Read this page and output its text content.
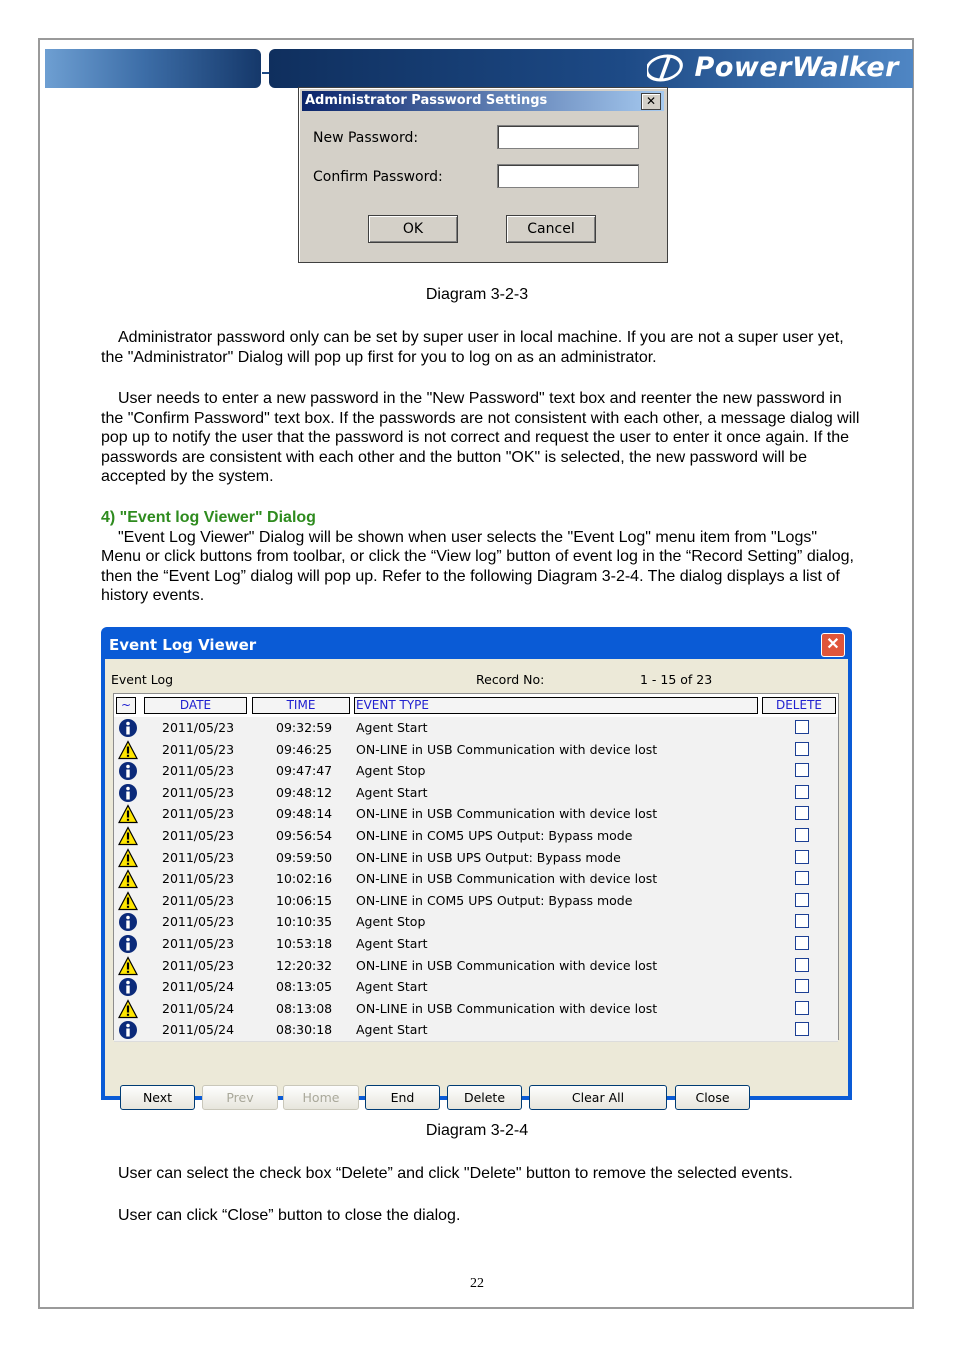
PowerWalker
Administrator Password Settings	✕
New Password:
Confirm Password:
OK	Cancel
Diagram 3-2-3

Administrator password only can be set by super user in local machine. If you are not a super user yet, the "Administrator" Dialog will pop up first for you to log on as an administrator.

User needs to enter a new password in the "New Password" text box and reenter the new password in the "Confirm Password" text box. If the passwords are not consistent with each other, a message dialog will pop up to notify the user that the password is not correct and request the user to enter it once again. If the passwords are consistent with each other and the button "OK" is selected, the new password will be accepted by the system.

4) "Event log Viewer" Dialog

"Event Log Viewer" Dialog will be shown when user selects the "Event Log" menu item from "Logs" Menu or click buttons from toolbar, or click the “View log” button of event log in the “Record Setting” dialog, then the “Event Log” dialog will pop up. Refer to the following Diagram 3-2-4. The dialog displays a list of history events.

Event Log Viewer	✕
Event Log	Record No:	1 - 15 of 23
~	DATE	TIME	EVENT TYPE	DELETE
2011/05/23	09:32:59 Agent Start
2011/05/23	09:46:25 ON-LINE in USB Communication with device lost
2011/05/23	09:47:47 Agent Stop
2011/05/23	09:48:12 Agent Start
2011/05/23	09:48:14 ON-LINE in USB Communication with device lost
2011/05/23	09:56:54 ON-LINE in COM5 UPS Output: Bypass mode
2011/05/23	09:59:50 ON-LINE in USB UPS Output: Bypass mode
2011/05/23	10:02:16 ON-LINE in USB Communication with device lost
2011/05/23	10:06:15 ON-LINE in COM5 UPS Output: Bypass mode
2011/05/23	10:10:35 Agent Stop
2011/05/23	10:53:18 Agent Start
2011/05/23	12:20:32 ON-LINE in USB Communication with device lost
2011/05/24	08:13:05 Agent Start
2011/05/24	08:13:08 ON-LINE in USB Communication with device lost
2011/05/24	08:30:18 Agent Start
Next	Prev	Home	End	Delete	Clear All	Close
Diagram 3-2-4

User can select the check box “Delete” and click "Delete" button to remove the selected events.

User can click “Close” button to close the dialog.

22
